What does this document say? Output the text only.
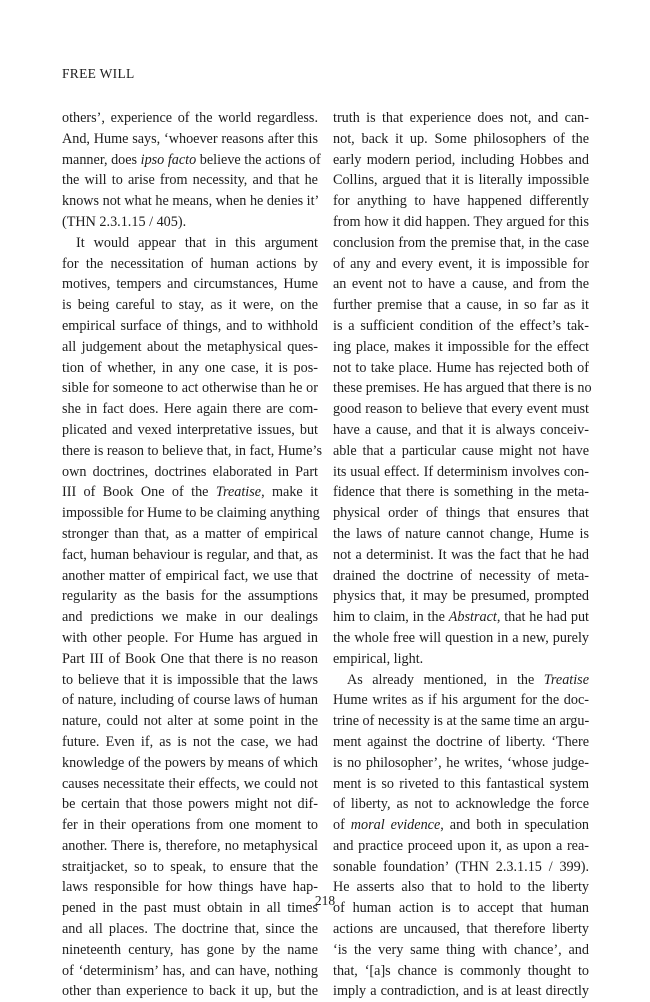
FREE WILL
others’, experience of the world regardless.
And, Hume says, ‘whoever reasons after this
manner, does ipso facto believe the actions of
the will to arise from necessity, and that he
knows not what he means, when he denies it’
(THN 2.3.1.15 / 405).
It would appear that in this argument
for the necessitation of human actions by
motives, tempers and circumstances, Hume
is being careful to stay, as it were, on the
empirical surface of things, and to withhold
all judgement about the metaphysical ques-
tion of whether, in any one case, it is pos-
sible for someone to act otherwise than he or
she in fact does. Here again there are com-
plicated and vexed interpretative issues, but
there is reason to believe that, in fact, Hume’s
own doctrines, doctrines elaborated in Part
III of Book One of the Treatise, make it
impossible for Hume to be claiming anything
stronger than that, as a matter of empirical
fact, human behaviour is regular, and that, as
another matter of empirical fact, we use that
regularity as the basis for the assumptions
and predictions we make in our dealings
with other people. For Hume has argued in
Part III of Book One that there is no reason
to believe that it is impossible that the laws
of nature, including of course laws of human
nature, could not alter at some point in the
future. Even if, as is not the case, we had
knowledge of the powers by means of which
causes necessitate their effects, we could not
be certain that those powers might not dif-
fer in their operations from one moment to
another. There is, therefore, no metaphysical
straitjacket, so to speak, to ensure that the
laws responsible for how things have hap-
pened in the past must obtain in all times
and all places. The doctrine that, since the
nineteenth century, has gone by the name
of ‘determinism’ has, and can have, nothing
other than experience to back it up, but the
truth is that experience does not, and can-
not, back it up. Some philosophers of the
early modern period, including Hobbes and
Collins, argued that it is literally impossible
for anything to have happened differently
from how it did happen. They argued for this
conclusion from the premise that, in the case
of any and every event, it is impossible for
an event not to have a cause, and from the
further premise that a cause, in so far as it
is a sufficient condition of the effect’s tak-
ing place, makes it impossible for the effect
not to take place. Hume has rejected both of
these premises. He has argued that there is no
good reason to believe that every event must
have a cause, and that it is always conceiv-
able that a particular cause might not have
its usual effect. If determinism involves con-
fidence that there is something in the meta-
physical order of things that ensures that
the laws of nature cannot change, Hume is
not a determinist. It was the fact that he had
drained the doctrine of necessity of meta-
physics that, it may be presumed, prompted
him to claim, in the Abstract, that he had put
the whole free will question in a new, purely
empirical, light.
As already mentioned, in the Treatise
Hume writes as if his argument for the doc-
trine of necessity is at the same time an argu-
ment against the doctrine of liberty. ‘There
is no philosopher’, he writes, ‘whose judge-
ment is so riveted to this fantastical system
of liberty, as not to acknowledge the force
of moral evidence, and both in speculation
and practice proceed upon it, as upon a rea-
sonable foundation’ (THN 2.3.1.15 / 399).
He asserts also that to hold to the liberty
of human action is to accept that human
actions are uncaused, that therefore liberty
‘is the very same thing with chance’, and
that, ‘[a]s chance is commonly thought to
imply a contradiction, and is at least directly
218
